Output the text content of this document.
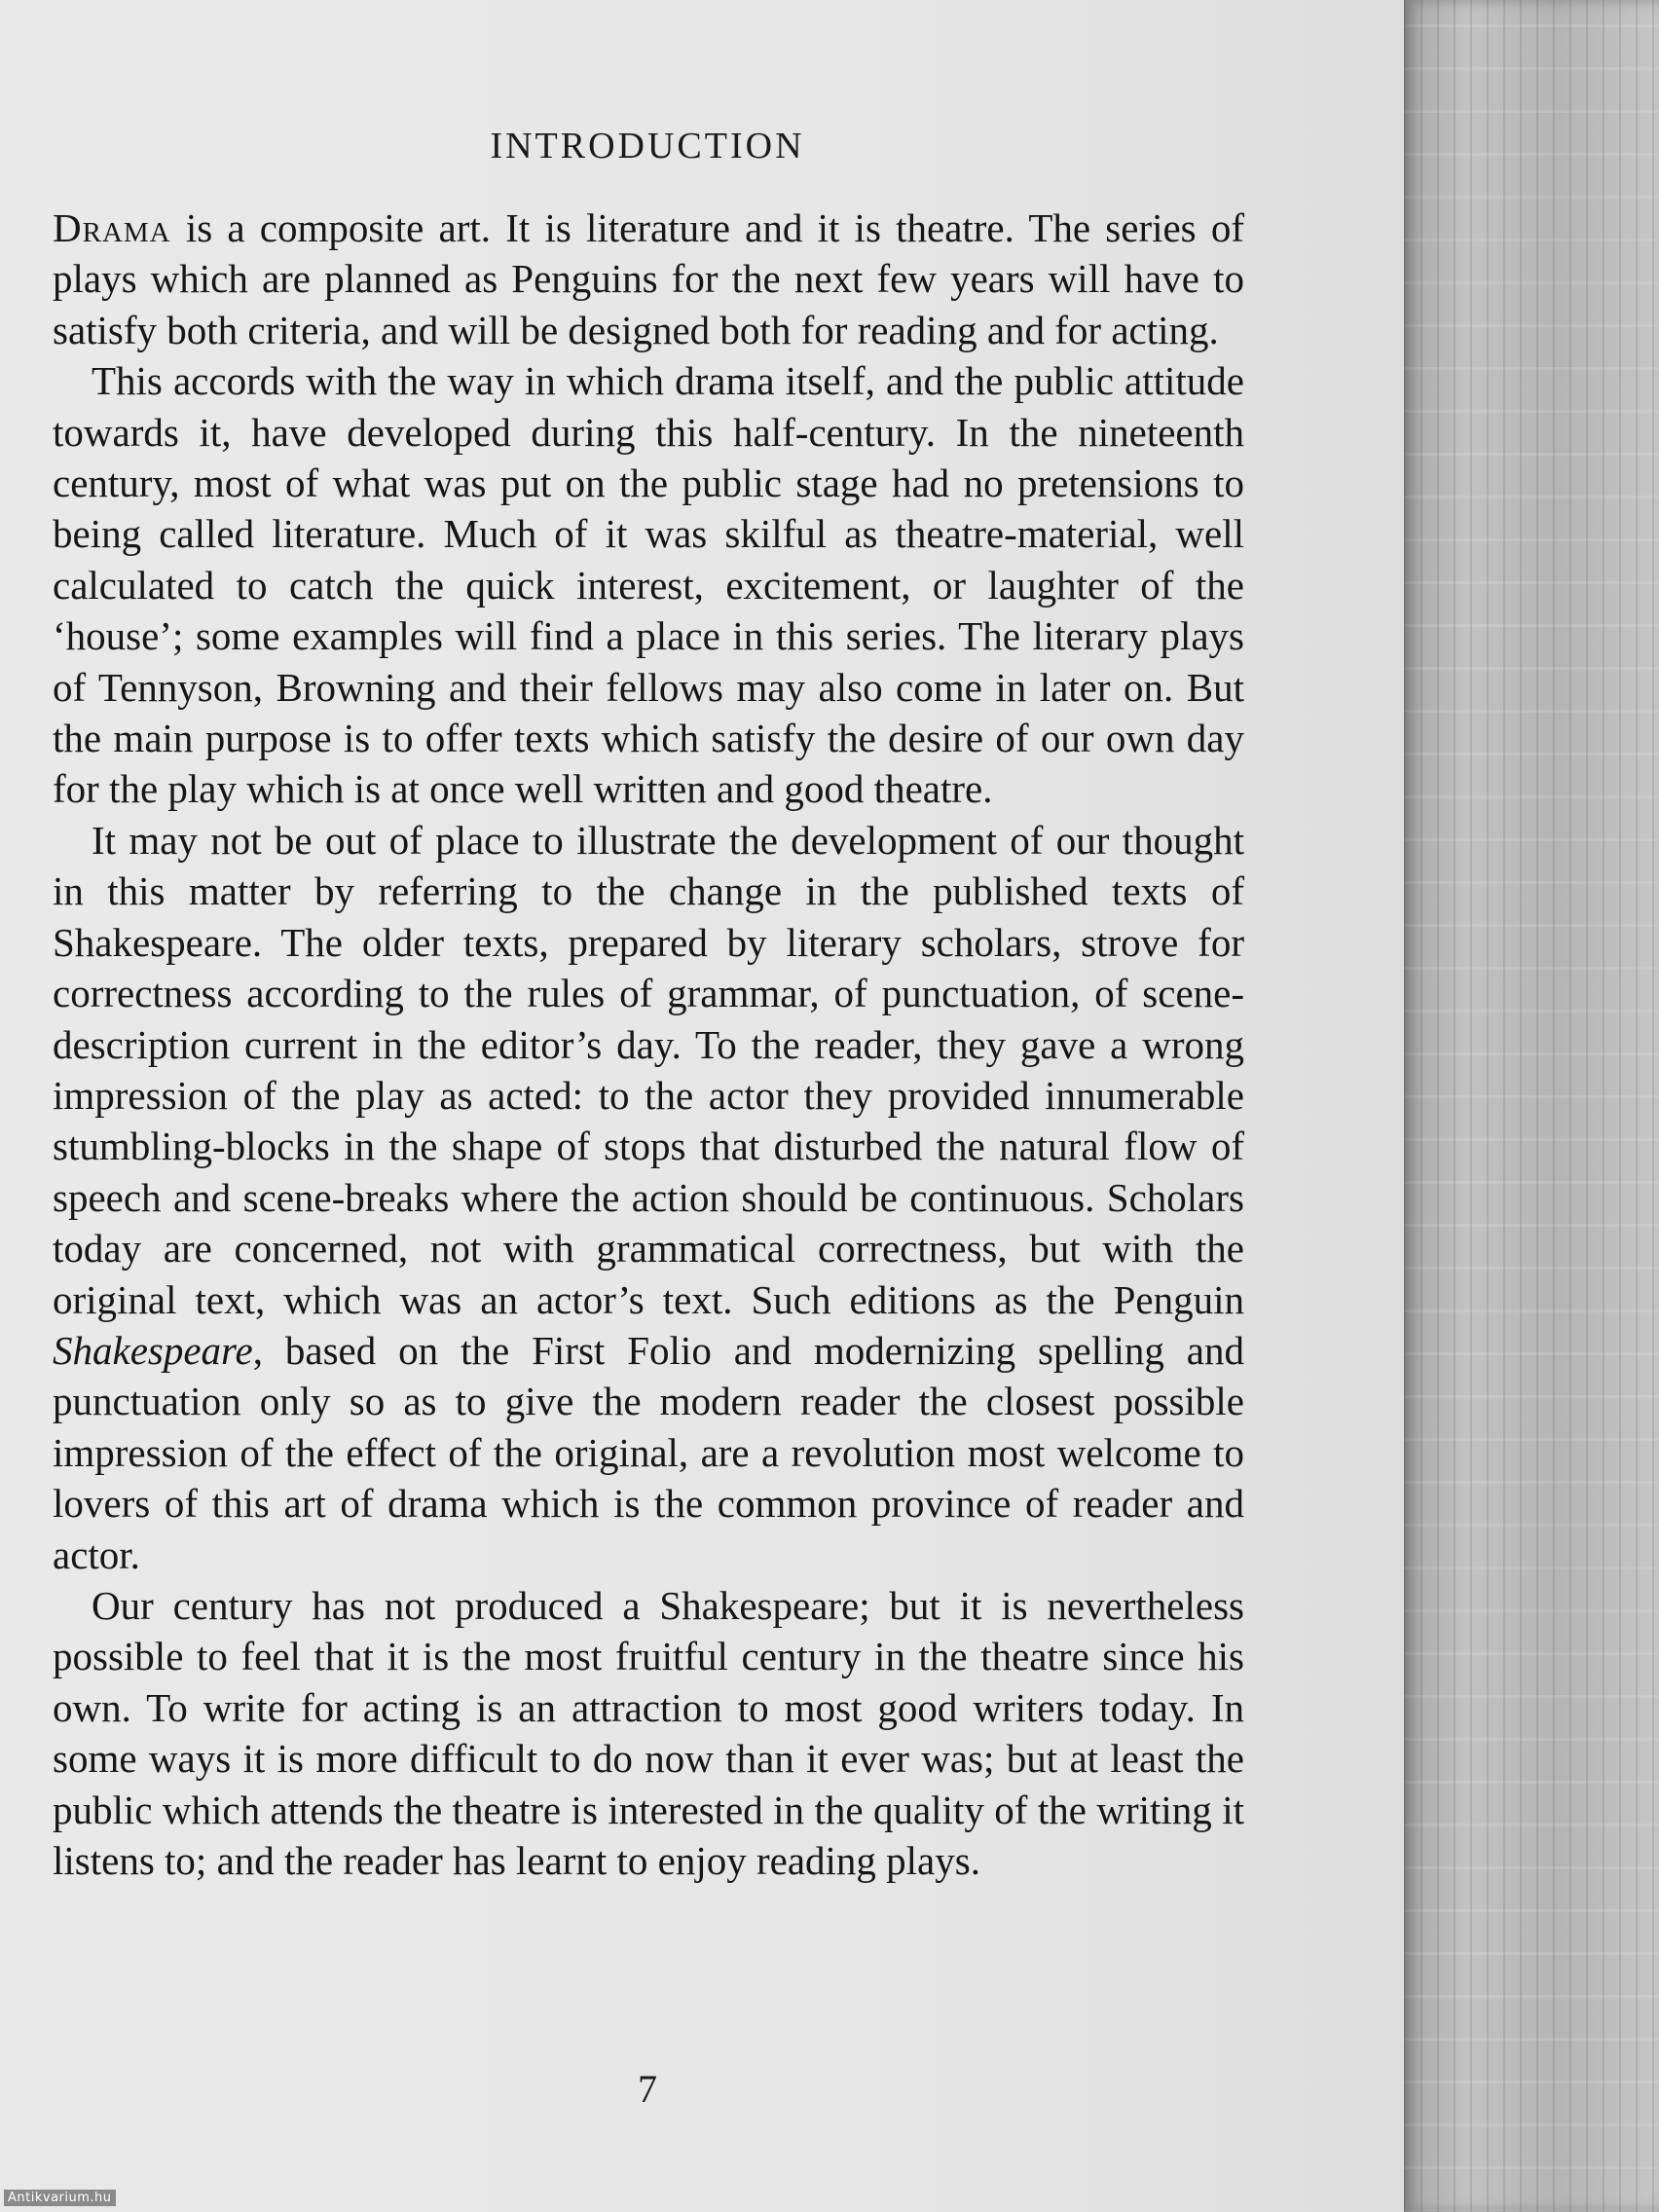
INTRODUCTION

Drama is a composite art. It is literature and it is theatre. The series of plays which are planned as Penguins for the next few years will have to satisfy both criteria, and will be designed both for reading and for acting.

This accords with the way in which drama itself, and the public attitude towards it, have developed during this half-century. In the nineteenth century, most of what was put on the public stage had no pretensions to being called literature. Much of it was skilful as theatre-material, well calculated to catch the quick interest, excitement, or laughter of the ‘house’; some examples will find a place in this series. The literary plays of Tennyson, Browning and their fellows may also come in later on. But the main purpose is to offer texts which satisfy the desire of our own day for the play which is at once well written and good theatre.

It may not be out of place to illustrate the development of our thought in this matter by referring to the change in the published texts of Shakespeare. The older texts, prepared by literary scholars, strove for correctness according to the rules of grammar, of punctuation, of scene-description current in the editor’s day. To the reader, they gave a wrong impression of the play as acted: to the actor they provided innumerable stumbling-blocks in the shape of stops that disturbed the natural flow of speech and scene-breaks where the action should be continuous. Scholars today are concerned, not with grammatical correctness, but with the original text, which was an actor’s text. Such editions as the Penguin Shakespeare, based on the First Folio and modernizing spelling and punctuation only so as to give the modern reader the closest possible impression of the effect of the original, are a revolution most welcome to lovers of this art of drama which is the common province of reader and actor.

Our century has not produced a Shakespeare; but it is nevertheless possible to feel that it is the most fruitful century in the theatre since his own. To write for acting is an attraction to most good writers today. In some ways it is more difficult to do now than it ever was; but at least the public which attends the theatre is interested in the quality of the writing it listens to; and the reader has learnt to enjoy reading plays.

7
Antikvarium.hu
